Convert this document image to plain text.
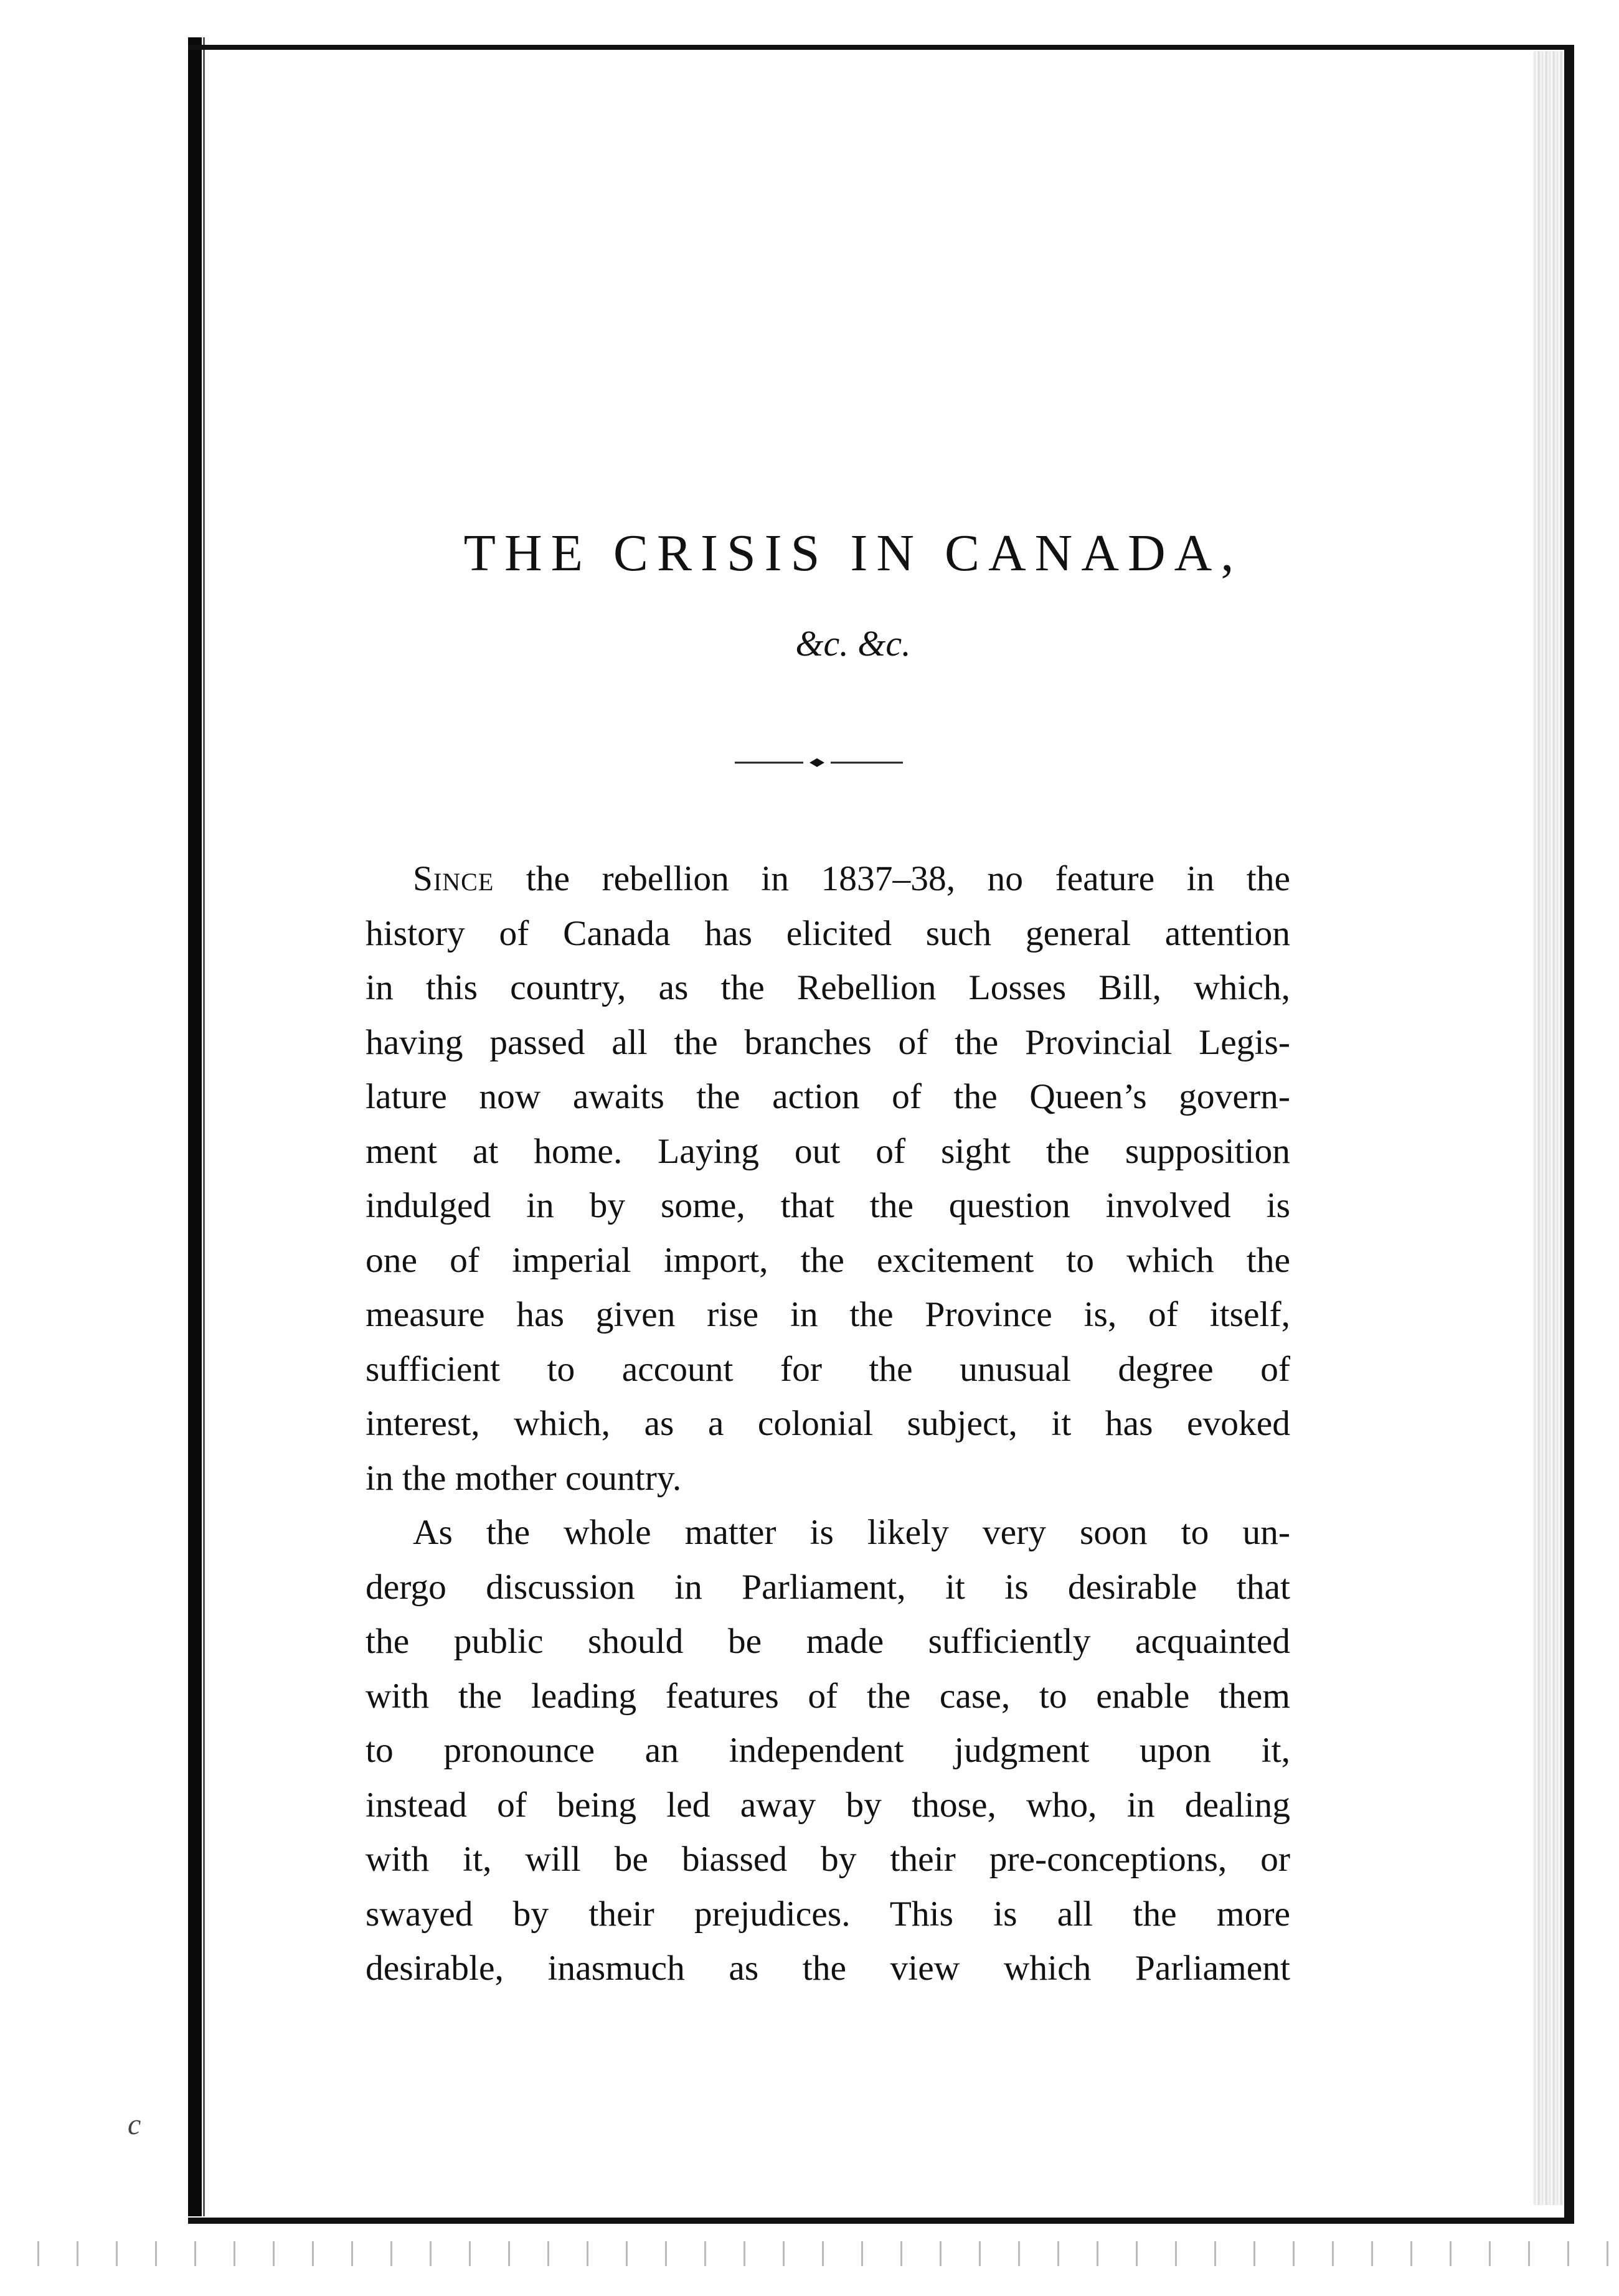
c
THE CRISIS IN CANADA,
&c. &c.

Since the rebellion in 1837–38, no feature in the

history of Canada has elicited such general attention
in this country, as the Rebellion Losses Bill, which,
having passed all the branches of the Provincial Legis-
lature now awaits the action of the Queen’s govern-
ment at home. Laying out of sight the supposition
indulged in by some, that the question involved is
one of imperial import, the excitement to which the
measure has given rise in the Province is, of itself,
sufficient to account for the unusual degree of
interest, which, as a colonial subject, it has evoked
in the mother country.
As the whole matter is likely very soon to un-
dergo discussion in Parliament, it is desirable that
the public should be made sufficiently acquainted
with the leading features of the case, to enable them
to pronounce an independent judgment upon it,
instead of being led away by those, who, in dealing
with it, will be biassed by their pre-conceptions, or
swayed by their prejudices. This is all the more
desirable, inasmuch as the view which Parliament
